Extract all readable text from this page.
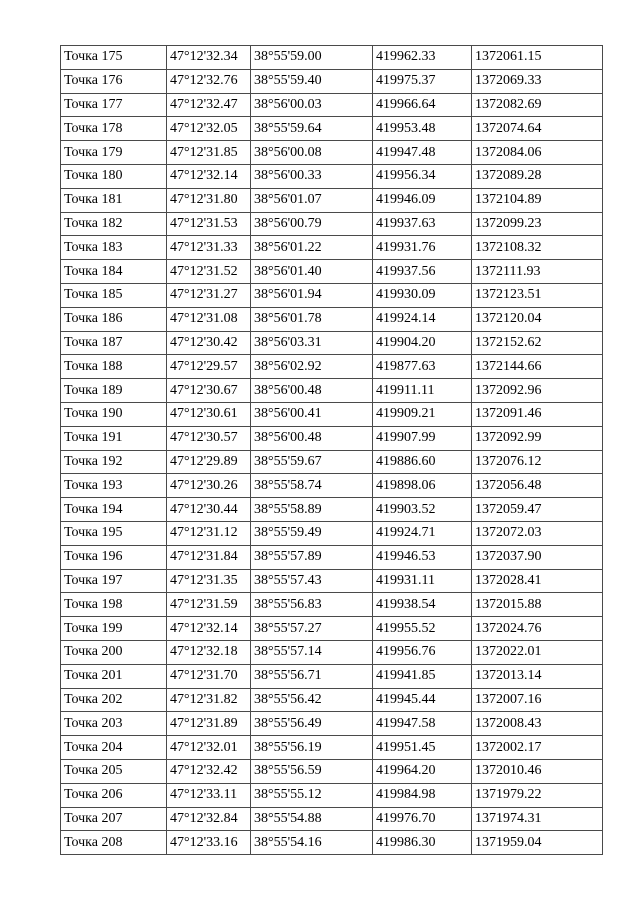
Точка 175	47°12'32.34	38°55'59.00	419962.33	1372061.15
Точка 176	47°12'32.76	38°55'59.40	419975.37	1372069.33
Точка 177	47°12'32.47	38°56'00.03	419966.64	1372082.69
Точка 178	47°12'32.05	38°55'59.64	419953.48	1372074.64
Точка 179	47°12'31.85	38°56'00.08	419947.48	1372084.06
Точка 180	47°12'32.14	38°56'00.33	419956.34	1372089.28
Точка 181	47°12'31.80	38°56'01.07	419946.09	1372104.89
Точка 182	47°12'31.53	38°56'00.79	419937.63	1372099.23
Точка 183	47°12'31.33	38°56'01.22	419931.76	1372108.32
Точка 184	47°12'31.52	38°56'01.40	419937.56	1372111.93
Точка 185	47°12'31.27	38°56'01.94	419930.09	1372123.51
Точка 186	47°12'31.08	38°56'01.78	419924.14	1372120.04
Точка 187	47°12'30.42	38°56'03.31	419904.20	1372152.62
Точка 188	47°12'29.57	38°56'02.92	419877.63	1372144.66
Точка 189	47°12'30.67	38°56'00.48	419911.11	1372092.96
Точка 190	47°12'30.61	38°56'00.41	419909.21	1372091.46
Точка 191	47°12'30.57	38°56'00.48	419907.99	1372092.99
Точка 192	47°12'29.89	38°55'59.67	419886.60	1372076.12
Точка 193	47°12'30.26	38°55'58.74	419898.06	1372056.48
Точка 194	47°12'30.44	38°55'58.89	419903.52	1372059.47
Точка 195	47°12'31.12	38°55'59.49	419924.71	1372072.03
Точка 196	47°12'31.84	38°55'57.89	419946.53	1372037.90
Точка 197	47°12'31.35	38°55'57.43	419931.11	1372028.41
Точка 198	47°12'31.59	38°55'56.83	419938.54	1372015.88
Точка 199	47°12'32.14	38°55'57.27	419955.52	1372024.76
Точка 200	47°12'32.18	38°55'57.14	419956.76	1372022.01
Точка 201	47°12'31.70	38°55'56.71	419941.85	1372013.14
Точка 202	47°12'31.82	38°55'56.42	419945.44	1372007.16
Точка 203	47°12'31.89	38°55'56.49	419947.58	1372008.43
Точка 204	47°12'32.01	38°55'56.19	419951.45	1372002.17
Точка 205	47°12'32.42	38°55'56.59	419964.20	1372010.46
Точка 206	47°12'33.11	38°55'55.12	419984.98	1371979.22
Точка 207	47°12'32.84	38°55'54.88	419976.70	1371974.31
Точка 208	47°12'33.16	38°55'54.16	419986.30	1371959.04
